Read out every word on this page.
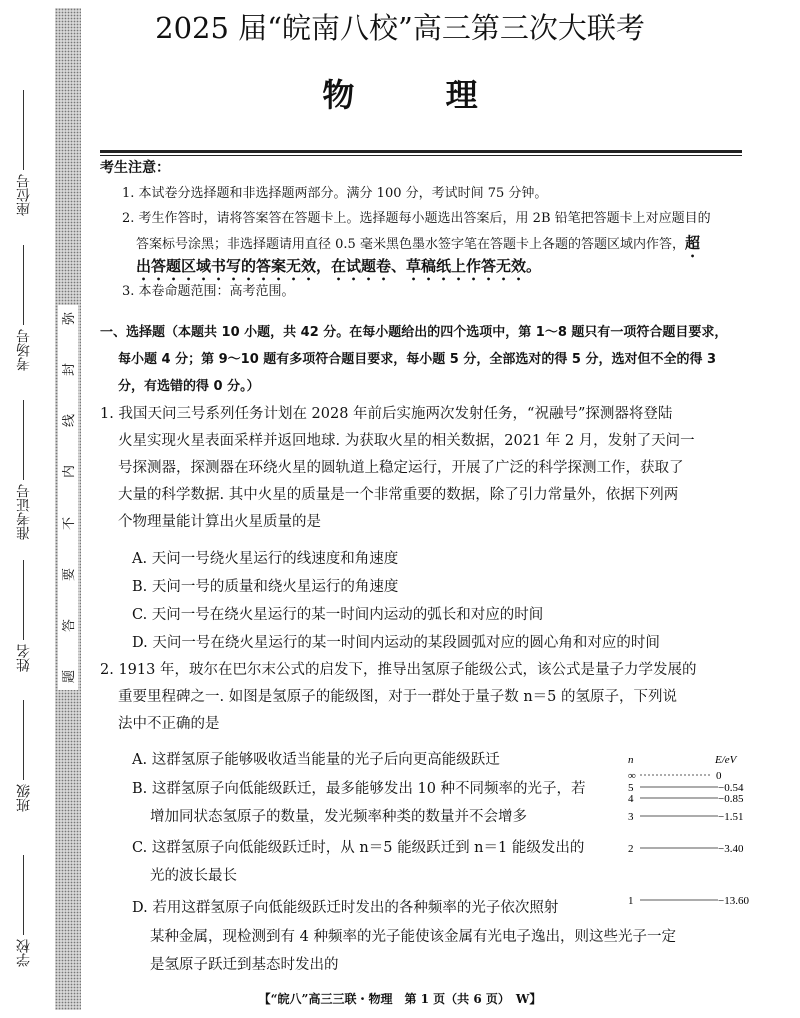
弥
封
线
内
不
要
答
题
座位号
考场号
准考证号
姓名
班级
学校
2025 届“皖南八校”高三第三次大联考
物 理
考生注意：
1. 本试卷分选择题和非选择题两部分。满分 100 分，考试时间 75 分钟。
2. 考生作答时，请将答案答在答题卡上。选择题每小题选出答案后，用 2B 铅笔把答题卡上对应题目的
答案标号涂黑；非选择题请用直径 0.5 毫米黑色墨水签字笔在答题卡上各题的答题区域内作答，超
出答题区域书写的答案无效，在试题卷、草稿纸上作答无效。
3. 本卷命题范围：高考范围。
一、选择题（本题共 10 小题，共 42 分。在每小题给出的四个选项中，第 1～8 题只有一项符合题目要求，
每小题 4 分；第 9～10 题有多项符合题目要求，每小题 5 分，全部选对的得 5 分，选对但不全的得 3
分，有选错的得 0 分。）
1. 我国天问三号系列任务计划在 2028 年前后实施两次发射任务，“祝融号”探测器将登陆
火星实现火星表面采样并返回地球. 为获取火星的相关数据，2021 年 2 月，发射了天问一
号探测器，探测器在环绕火星的圆轨道上稳定运行，开展了广泛的科学探测工作，获取了
大量的科学数据. 其中火星的质量是一个非常重要的数据，除了引力常量外，依据下列两
个物理量能计算出火星质量的是
A. 天问一号绕火星运行的线速度和角速度
B. 天问一号的质量和绕火星运行的角速度
C. 天问一号在绕火星运行的某一时间内运动的弧长和对应的时间
D. 天问一号在绕火星运行的某一时间内运动的某段圆弧对应的圆心角和对应的时间
2. 1913 年，玻尔在巴尔末公式的启发下，推导出氢原子能级公式，该公式是量子力学发展的
重要里程碑之一. 如图是氢原子的能级图，对于一群处于量子数 n＝5 的氢原子，下列说
法中不正确的是
A. 这群氢原子能够吸收适当能量的光子后向更高能级跃迁
B. 这群氢原子向低能级跃迁，最多能够发出 10 种不同频率的光子，若
增加同状态氢原子的数量，发光频率种类的数量并不会增多
C. 这群氢原子向低能级跃迁时，从 n＝5 能级跃迁到 n＝1 能级发出的
光的波长最长
D. 若用这群氢原子向低能级跃迁时发出的各种频率的光子依次照射
某种金属，现检测到有 4 种频率的光子能使该金属有光电子逸出，则这些光子一定
是氢原子跃迁到基态时发出的
n	E/eV
∞	0
5	−0.54
4	−0.85
3	−1.51
2	−3.40
1	−13.60
【“皖八”高三三联・物理　第 1 页（共 6 页）　W】
